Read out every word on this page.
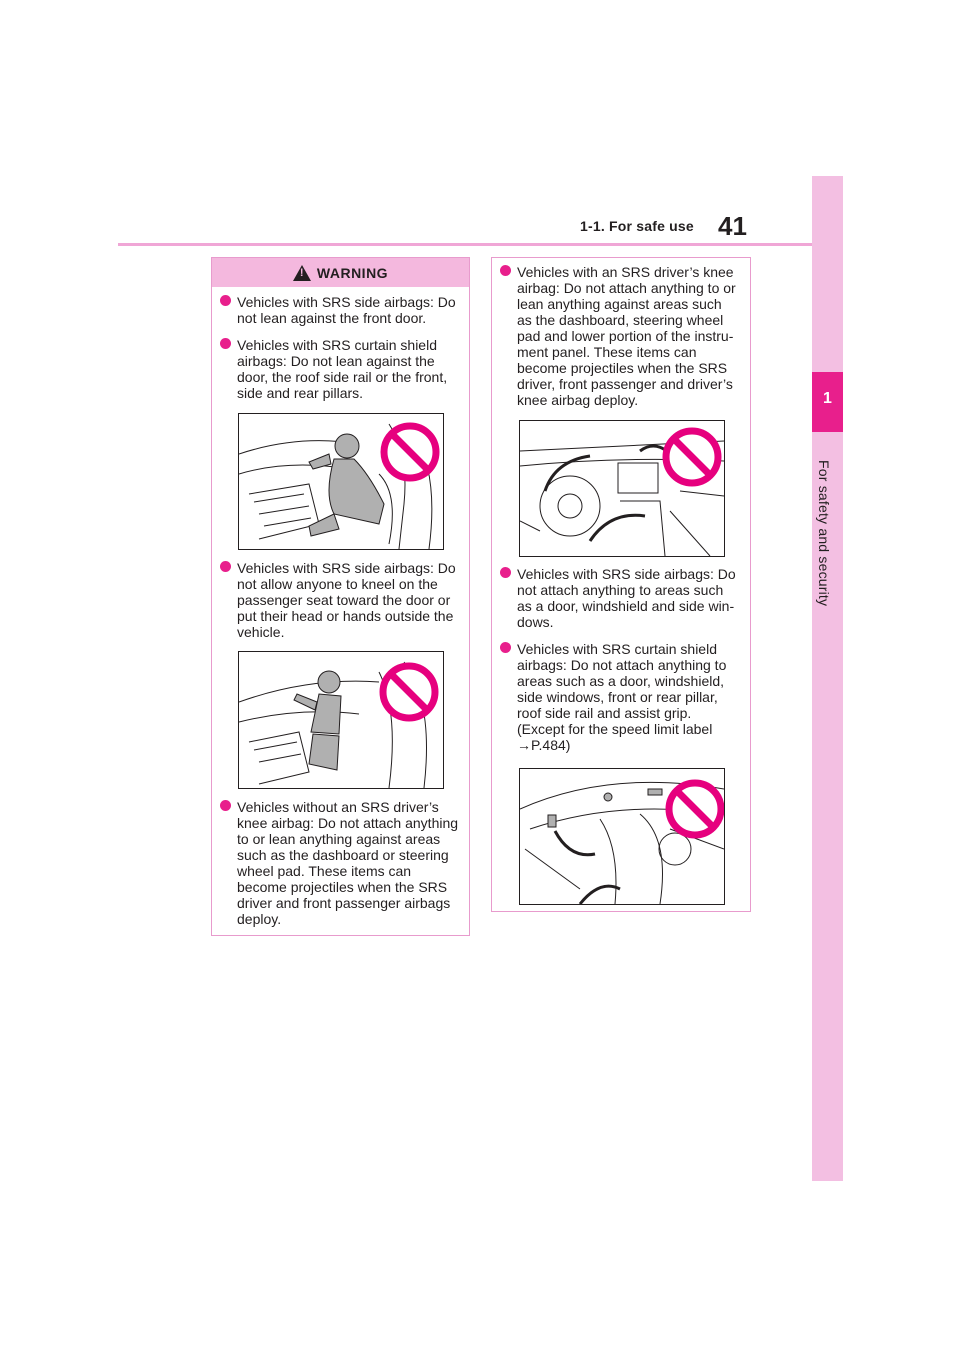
1-1. For safe use 41
1
For safety and security
!
WARNING
Vehicles with SRS side airbags: Do
not lean against the front door.
Vehicles with SRS curtain shield
airbags: Do not lean against the
door, the roof side rail or the front,
side and rear pillars.
Vehicles with SRS side airbags: Do
not allow anyone to kneel on the
passenger seat toward the door or
put their head or hands outside the
vehicle.
Vehicles without an SRS driver’s
knee airbag: Do not attach anything
to or lean anything against areas
such as the dashboard or steering
wheel pad. These items can
become projectiles when the SRS
driver and front passenger airbags
deploy.
Vehicles with an SRS driver’s knee
airbag: Do not attach anything to or
lean anything against areas such
as the dashboard, steering wheel
pad and lower portion of the instru-
ment panel. These items can
become projectiles when the SRS
driver, front passenger and driver’s
knee airbag deploy.
Vehicles with SRS side airbags: Do
not attach anything to areas such
as a door, windshield and side win-
dows.
Vehicles with SRS curtain shield
airbags: Do not attach anything to
areas such as a door, windshield,
side windows, front or rear pillar,
roof side rail and assist grip.
(Except for the speed limit label
→P.484)
